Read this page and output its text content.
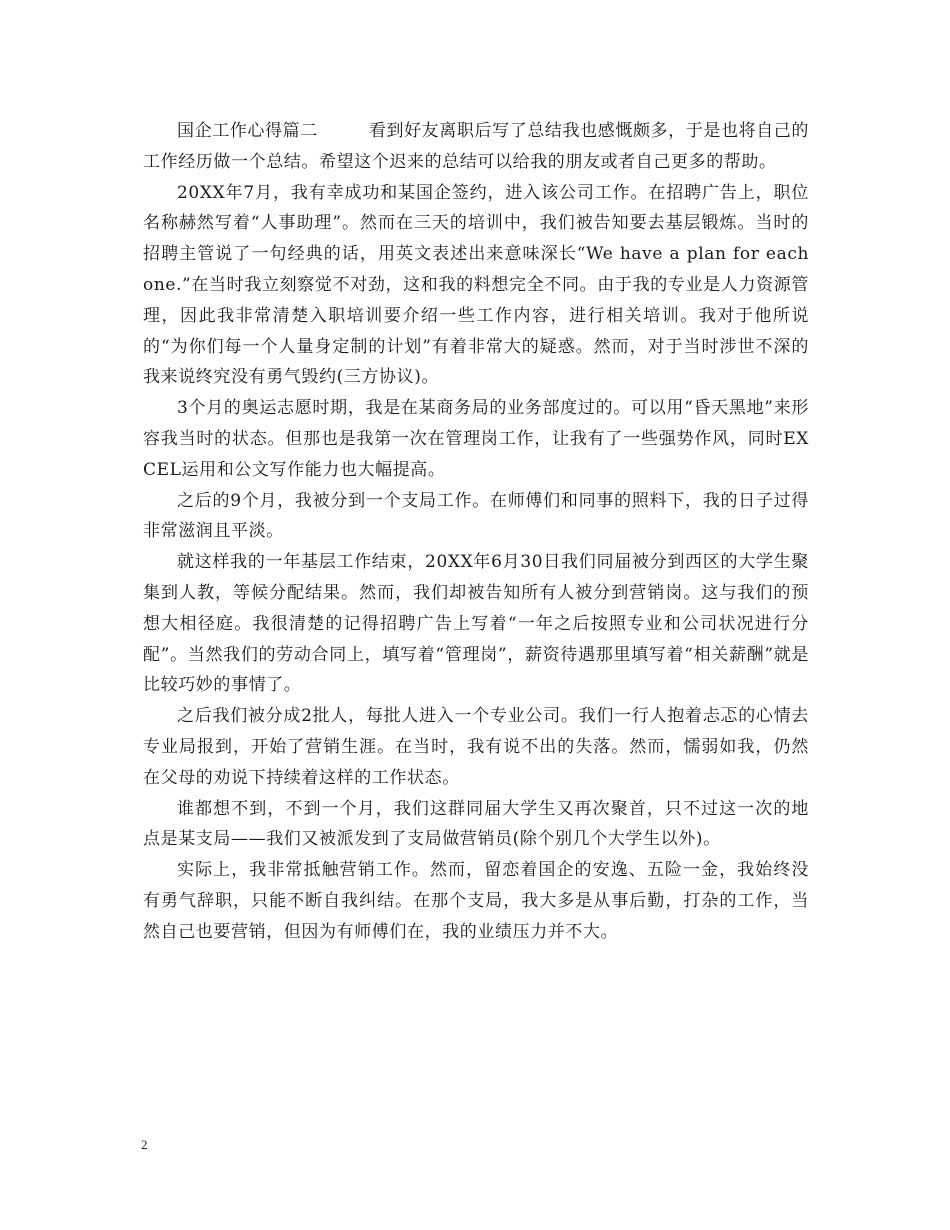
国企工作心得篇二	看到好友离职后写了总结我也感慨颇多，于是也将自己的工作经历做一个总结。希望这个迟来的总结可以给我的朋友或者自己更多的帮助。

20XX年7月，我有幸成功和某国企签约，进入该公司工作。在招聘广告上，职位名称赫然写着“人事助理”。然而在三天的培训中，我们被告知要去基层锻炼。当时的招聘主管说了一句经典的话，用英文表述出来意味深长“We have a plan for each one.”在当时我立刻察觉不对劲，这和我的料想完全不同。由于我的专业是人力资源管理，因此我非常清楚入职培训要介绍一些工作内容，进行相关培训。我对于他所说的“为你们每一个人量身定制的计划”有着非常大的疑惑。然而，对于当时涉世不深的我来说终究没有勇气毁约(三方协议)。

3个月的奥运志愿时期，我是在某商务局的业务部度过的。可以用“昏天黑地”来形容我当时的状态。但那也是我第一次在管理岗工作，让我有了一些强势作风，同时EXCEL运用和公文写作能力也大幅提高。

之后的9个月，我被分到一个支局工作。在师傅们和同事的照料下，我的日子过得非常滋润且平淡。

就这样我的一年基层工作结束，20XX年6月30日我们同届被分到西区的大学生聚集到人教，等候分配结果。然而，我们却被告知所有人被分到营销岗。这与我们的预想大相径庭。我很清楚的记得招聘广告上写着“一年之后按照专业和公司状况进行分配”。当然我们的劳动合同上，填写着“管理岗”，薪资待遇那里填写着“相关薪酬”就是比较巧妙的事情了。

之后我们被分成2批人，每批人进入一个专业公司。我们一行人抱着忐忑的心情去专业局报到，开始了营销生涯。在当时，我有说不出的失落。然而，懦弱如我，仍然在父母的劝说下持续着这样的工作状态。

谁都想不到，不到一个月，我们这群同届大学生又再次聚首，只不过这一次的地点是某支局——我们又被派发到了支局做营销员(除个别几个大学生以外)。

实际上，我非常抵触营销工作。然而，留恋着国企的安逸、五险一金，我始终没有勇气辞职，只能不断自我纠结。在那个支局，我大多是从事后勤，打杂的工作，当然自己也要营销，但因为有师傅们在，我的业绩压力并不大。

2
